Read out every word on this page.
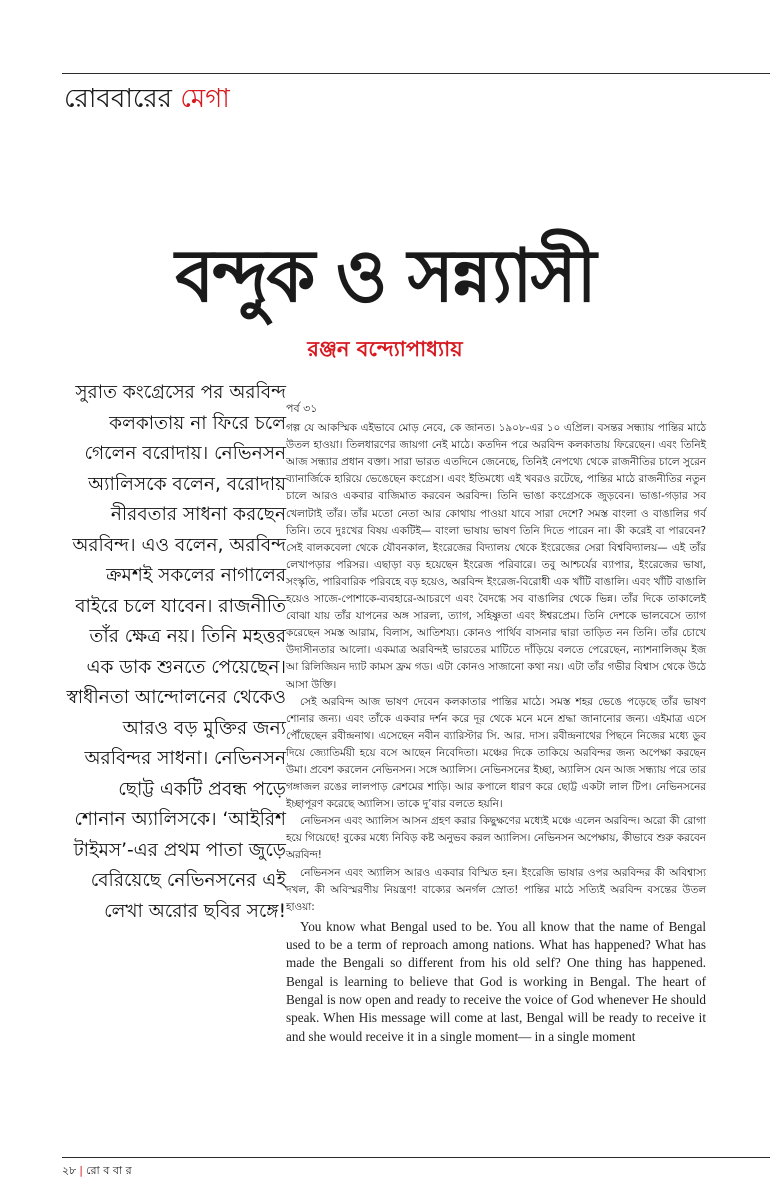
রোববারের মেগা
বন্দুক ও সন্ন্যাসী
রঞ্জন বন্দ্যোপাধ্যায়

সুরাত কংগ্রেসের পর অরবিন্দ কলকাতায় না ফিরে চলে গেলেন বরোদায়। নেভিনসন অ্যালিসকে বলেন, বরোদায় নীরবতার সাধনা করছেন অরবিন্দ। এও বলেন, অরবিন্দ ক্রমশই সকলের নাগালের বাইরে চলে যাবেন। রাজনীতি তাঁর ক্ষেত্র নয়। তিনি মহত্তর এক ডাক শুনতে পেয়েছেন। স্বাধীনতা আন্দোলনের থেকেও আরও বড় মুক্তির জন্য অরবিন্দর সাধনা। নেভিনসন ছোট্ট একটি প্রবন্ধ পড়ে শোনান অ্যালিসকে। ‘আইরিশ টাইমস’-এর প্রথম পাতা জুড়ে বেরিয়েছে নেভিনসনের এই লেখা অরোর ছবির সঙ্গে!

পর্ব ৩১

গল্প যে আকস্মিক এইভাবে মোড় নেবে, কে জানত। ১৯০৮-এর ১০ এপ্রিল। বসন্তর সন্ধ্যায় পান্তির মাঠে উতল হাওয়া। তিলধারণের জায়গা নেই মাঠে। কতদিন পরে অরবিন্দ কলকাতায় ফিরেছেন। এবং তিনিই আজ সন্ধ্যার প্রধান বক্তা। সারা ভারত এতদিনে জেনেছে, তিনিই নেপথ্যে থেকে রাজনীতির চালে সুরেন ব্যানার্জিকে হারিয়ে ভেঙেছেন কংগ্রেস। এবং ইতিমধ্যে এই খবরও রটেছে, পান্তির মাঠে রাজনীতির নতুন চালে আরও একবার বাজিমাত করবেন অরবিন্দ। তিনি ভাঙা কংগ্রেসকে জুড়বেন। ভাঙা-গড়ার সব খেলাটাই তাঁর। তাঁর মতো নেতা আর কোথায় পাওয়া যাবে সারা দেশে? সমস্ত বাংলা ও বাঙালির গর্ব তিনি। তবে দুঃখের বিষয় একটিই— বাংলা ভাষায় ভাষণ তিনি দিতে পারেন না। কী করেই বা পারবেন? সেই বালকবেলা থেকে যৌবনকাল, ইংরেজের বিদ্যালয় থেকে ইংরেজের সেরা বিশ্ববিদ্যালয়— এই তাঁর লেখাপড়ার পরিসর। এছাড়া বড় হয়েছেন ইংরেজ পরিবারে। তবু আশ্চর্যের ব্যাপার, ইংরেজের ভাষা, সংস্কৃতি, পারিবারিক পরিবহে বড় হয়েও, অরবিন্দ ইংরেজ-বিরোধী এক খাঁটি বাঙালি। এবং খাঁটি বাঙালি হয়েও সাজে-পোশাকে-ব্যবহারে-আচরণে এবং বৈদগ্ধে সব বাঙালির থেকে ভিন্ন। তাঁর দিকে তাকালেই বোঝা যায় তাঁর যাপনের অঙ্গ সারল্য, ত্যাগ, সহিষ্ণুতা এবং ঈশ্বরপ্রেম। তিনি দেশকে ভালবেসে ত্যাগ করেছেন সমস্ত আরাম, বিলাস, আতিশয্য। কোনও পার্থিব বাসনার দ্বারা তাড়িত নন তিনি। তাঁর চোখে উদাসীনতার আলো। একমাত্র অরবিন্দই ভারতের মাটিতে দাঁড়িয়ে বলতে পেরেছেন, ন্যাশনালিজ্‌ম ইজ আ রিলিজিয়ন দ্যাট কামস ফ্রম গড। এটা কোনও সাজানো কথা নয়। এটা তাঁর গভীর বিশ্বাস থেকে উঠে আসা উক্তি।

সেই অরবিন্দ আজ ভাষণ দেবেন কলকাতার পান্তির মাঠে। সমস্ত শহর ভেঙে পড়েছে তাঁর ভাষণ শোনার জন্য। এবং তাঁকে একবার দর্শন করে দূর থেকে মনে মনে শ্রদ্ধা জানানোর জন্য। এইমাত্র এসে পৌঁছেছেন রবীন্দ্রনাথ। এসেছেন নবীন ব্যারিস্টার সি. আর. দাস। রবীন্দ্রনাথের পিছনে নিজের মধ্যে ডুব দিয়ে জ্যোতির্ময়ী হয়ে বসে আছেন নিবেদিতা। মঞ্চের দিকে তাকিয়ে অরবিন্দর জন্য অপেক্ষা করছেন উমা। প্রবেশ করলেন নেভিনসন। সঙ্গে অ্যালিস। নেভিনসনের ইচ্ছা, অ্যালিস যেন আজ সন্ধ্যায় পরে তার গঙ্গাজল রঙের লালপাড় রেশমের শাড়ি। আর কপালে ধারণ করে ছোট্ট একটা লাল টিপ। নেভিনসনের ইচ্ছাপূরণ করেছে অ্যালিস। তাকে দু’বার বলতে হয়নি।

নেভিনসন এবং অ্যালিস আসন গ্রহণ করার কিছুক্ষণের মধ্যেই মঞ্চে এলেন অরবিন্দ। অরো কী রোগা হয়ে গিয়েছে! বুকের মধ্যে নিবিড় কষ্ট অনুভব করল অ্যালিস। নেভিনসন অপেক্ষায়, কীভাবে শুরু করবেন অরবিন্দ!

নেভিনসন এবং অ্যালিস আরও একবার বিস্মিত হন। ইংরেজি ভাষার ওপর অরবিন্দর কী অবিশ্বাস্য দখল, কী অবিস্মরণীয় নিয়ন্ত্রণ! বাক্যের অনর্গল স্রোত! পান্তির মাঠে সত্যিই অরবিন্দ বসন্তের উতল হাওয়া:

You know what Bengal used to be. You all know that the name of Bengal used to be a term of reproach among nations. What has happened? What has made the Bengali so different from his old self? One thing has happened. Bengal is learning to believe that God is working in Bengal. The heart of Bengal is now open and ready to receive the voice of God whenever He should speak. When His message will come at last, Bengal will be ready to receive it and she would receive it in a single moment— in a single moment

২৮ | রো ব বা র
